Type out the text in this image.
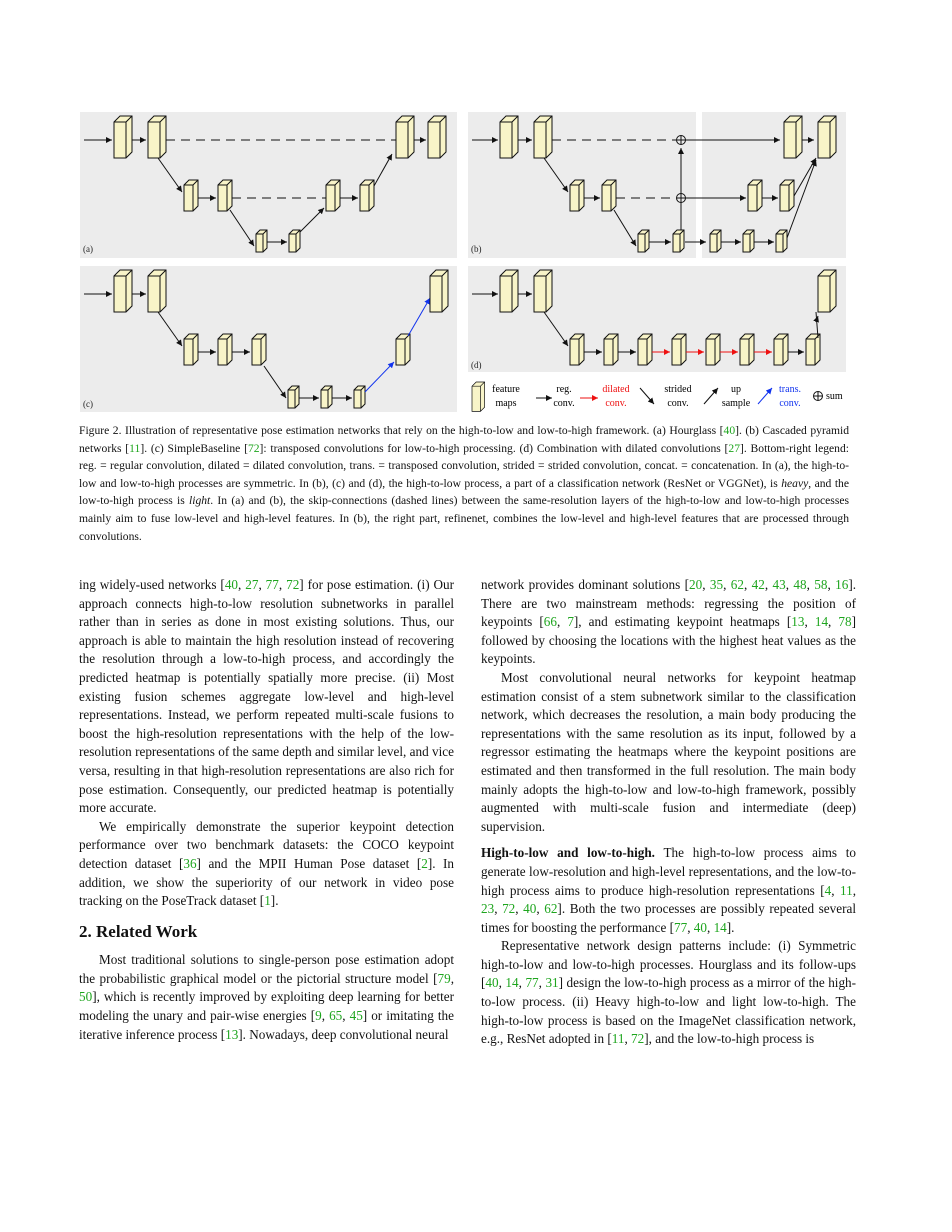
(a)	(b)
(c)
(d)
feature
maps
reg.
conv.
dilated
conv.
strided
conv.
up
sample
trans.
conv.
sum
Figure 2. Illustration of representative pose estimation networks that rely on the high-to-low and low-to-high framework. (a) Hourglass [40]. (b) Cascaded pyramid networks [11]. (c) SimpleBaseline [72]: transposed convolutions for low-to-high processing. (d) Combination with dilated convolutions [27]. Bottom-right legend: reg. = regular convolution, dilated = dilated convolution, trans. = transposed convolution, strided = strided convolution, concat. = concatenation. In (a), the high-to-low and low-to-high processes are symmetric. In (b), (c) and (d), the high-to-low process, a part of a classification network (ResNet or VGGNet), is heavy, and the low-to-high process is light. In (a) and (b), the skip-connections (dashed lines) between the same-resolution layers of the high-to-low and low-to-high processes mainly aim to fuse low-level and high-level features. In (b), the right part, refinenet, combines the low-level and high-level features that are processed through convolutions.

ing widely-used networks [40, 27, 77, 72] for pose estimation. (i) Our approach connects high-to-low resolution subnetworks in parallel rather than in series as done in most existing solutions. Thus, our approach is able to maintain the high resolution instead of recovering the resolution through a low-to-high process, and accordingly the predicted heatmap is potentially spatially more precise. (ii) Most existing fusion schemes aggregate low-level and high-level representations. Instead, we perform repeated multi-scale fusions to boost the high-resolution representations with the help of the low-resolution representations of the same depth and similar level, and vice versa, resulting in that high-resolution representations are also rich for pose estimation. Consequently, our predicted heatmap is potentially more accurate.

We empirically demonstrate the superior keypoint detection performance over two benchmark datasets: the COCO keypoint detection dataset [36] and the MPII Human Pose dataset [2]. In addition, we show the superiority of our network in video pose tracking on the PoseTrack dataset [1].

2. Related Work

Most traditional solutions to single-person pose estimation adopt the probabilistic graphical model or the pictorial structure model [79, 50], which is recently improved by exploiting deep learning for better modeling the unary and pair-wise energies [9, 65, 45] or imitating the iterative inference process [13]. Nowadays, deep convolutional neural

network provides dominant solutions [20, 35, 62, 42, 43, 48, 58, 16]. There are two mainstream methods: regressing the position of keypoints [66, 7], and estimating keypoint heatmaps [13, 14, 78] followed by choosing the locations with the highest heat values as the keypoints.

Most convolutional neural networks for keypoint heatmap estimation consist of a stem subnetwork similar to the classification network, which decreases the resolution, a main body producing the representations with the same resolution as its input, followed by a regressor estimating the heatmaps where the keypoint positions are estimated and then transformed in the full resolution. The main body mainly adopts the high-to-low and low-to-high framework, possibly augmented with multi-scale fusion and intermediate (deep) supervision.

High-to-low and low-to-high. The high-to-low process aims to generate low-resolution and high-level representations, and the low-to-high process aims to produce high-resolution representations [4, 11, 23, 72, 40, 62]. Both the two processes are possibly repeated several times for boosting the performance [77, 40, 14].

Representative network design patterns include: (i) Symmetric high-to-low and low-to-high processes. Hourglass and its follow-ups [40, 14, 77, 31] design the low-to-high process as a mirror of the high-to-low process. (ii) Heavy high-to-low and light low-to-high. The high-to-low process is based on the ImageNet classification network, e.g., ResNet adopted in [11, 72], and the low-to-high process is
